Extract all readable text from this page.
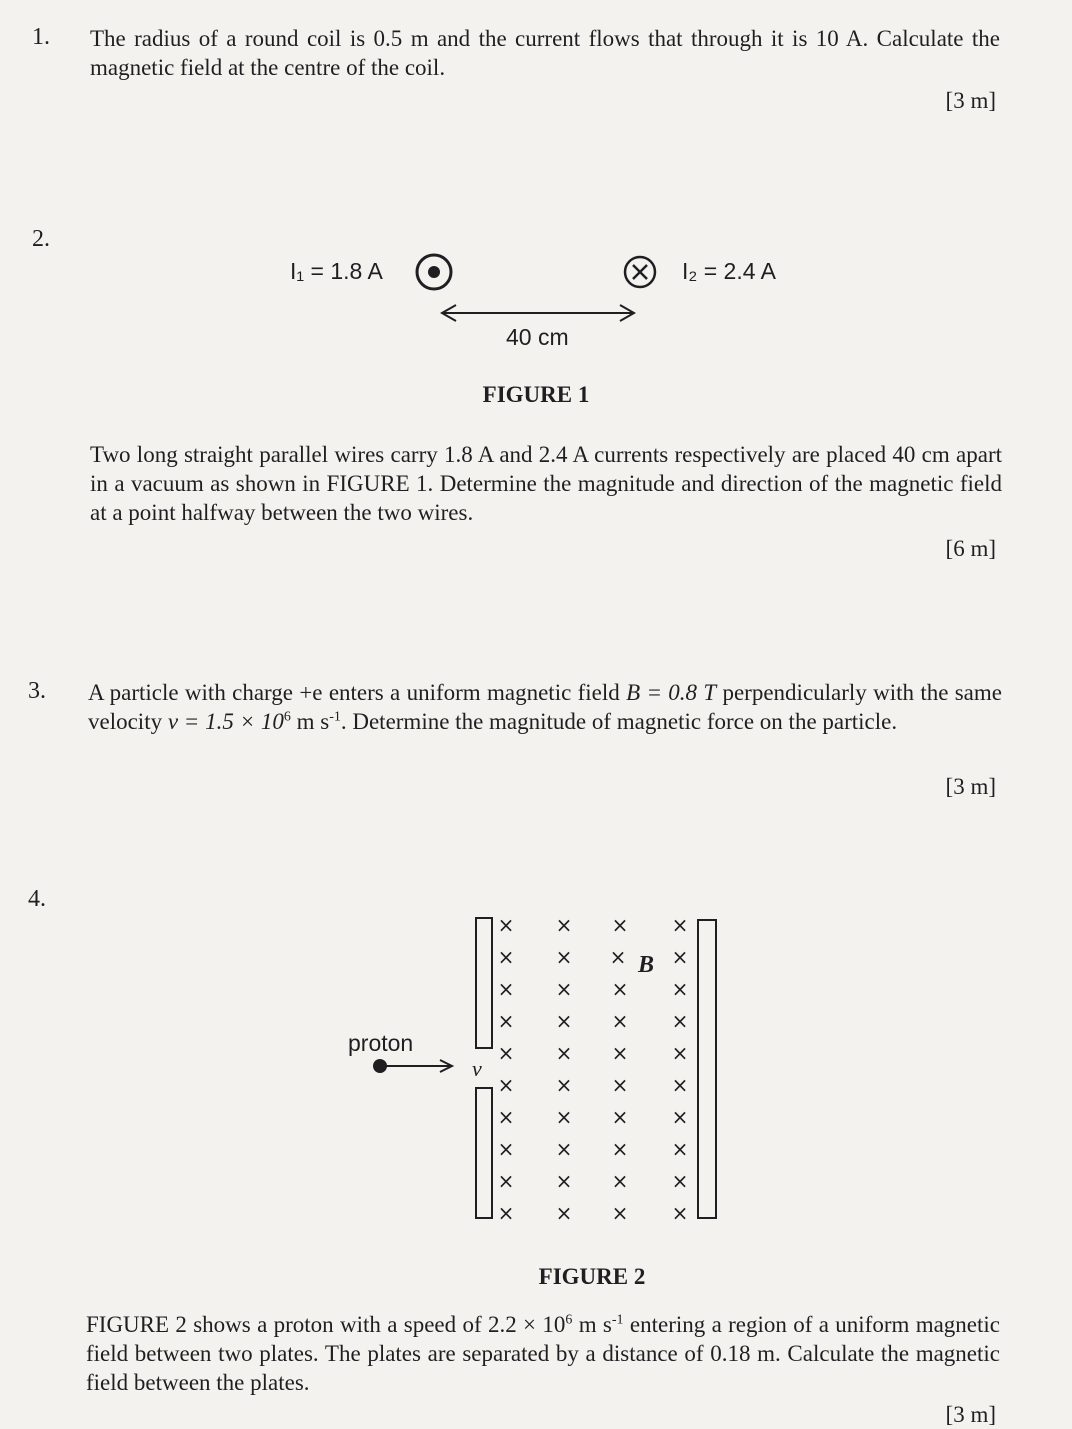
1. The radius of a round coil is 0.5 m and the current flows that through it is 10 A. Calculate the magnetic field at the centre of the coil.
[3 m]
2.
I₁ = 1.8 A	I₂ = 2.4 A
40 cm
FIGURE 1
Two long straight parallel wires carry 1.8 A and 2.4 A currents respectively are placed 40 cm apart in a vacuum as shown in FIGURE 1. Determine the magnitude and direction of the magnetic field at a point halfway between the two wires.
[6 m]
3. A particle with charge +e enters a uniform magnetic field B = 0.8 T perpendicularly with the same velocity $v = 1.5 \times 10^6$ m $s^{-1}$. Determine the magnitude of magnetic force on the particle.
[3 m]
4.
× × × ×
× × × ×
× × × ×
× × × ×
× × × ×
× × × ×
× × × ×
× × × ×
× × × ×
× × × ×
proton
v
B
FIGURE 2
FIGURE 2 shows a proton with a speed of $2.2 \times 10^6$ m $s^{-1}$ entering a region of a uniform magnetic field between two plates. The plates are separated by a distance of 0.18 m. Calculate the magnetic field between the plates.
[3 m]
